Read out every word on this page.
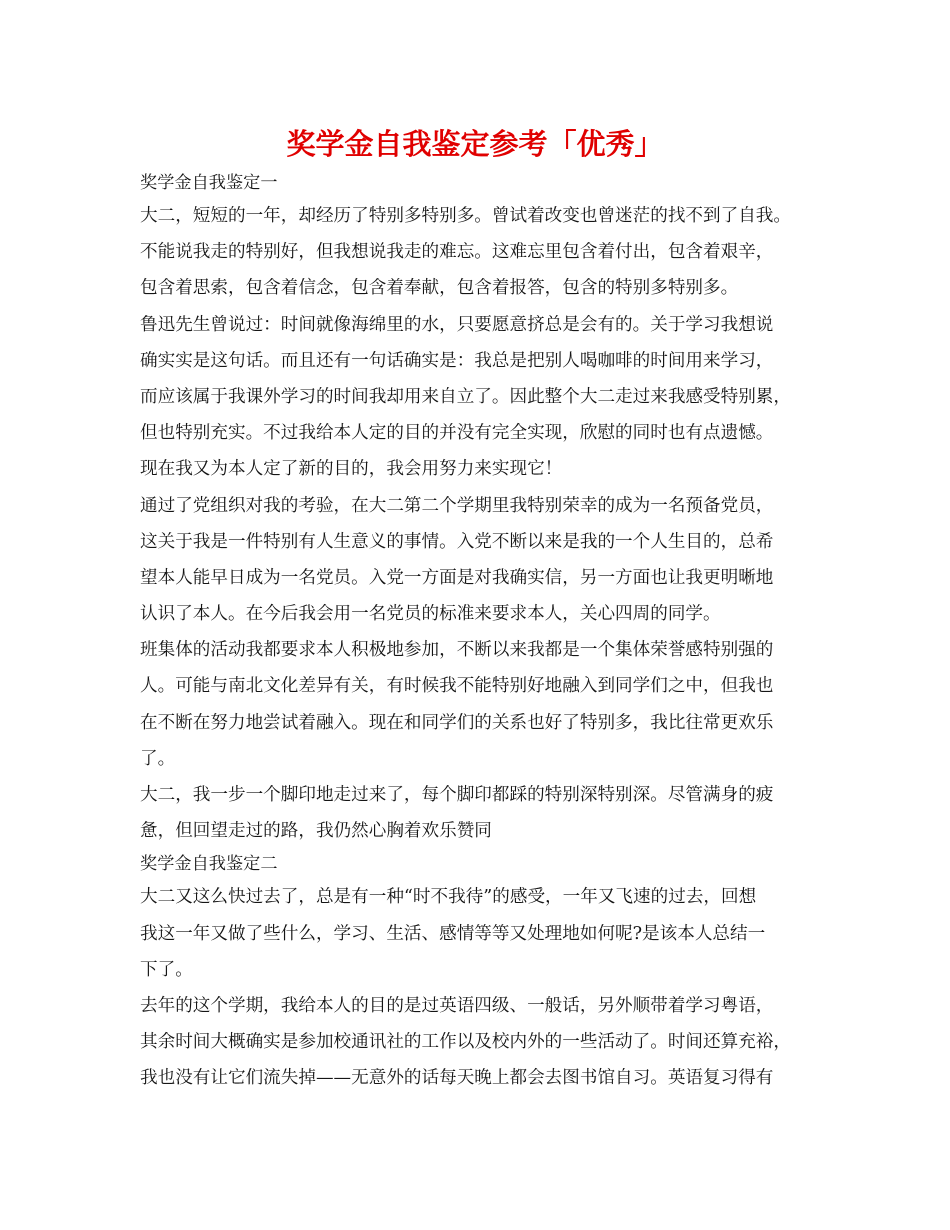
奖学金自我鉴定参考「优秀」
奖学金自我鉴定一
大二，短短的一年，却经历了特别多特别多。曾试着改变也曾迷茫的找不到了自我。
不能说我走的特别好，但我想说我走的难忘。这难忘里包含着付出，包含着艰辛，
包含着思索，包含着信念，包含着奉献，包含着报答，包含的特别多特别多。
鲁迅先生曾说过：时间就像海绵里的水，只要愿意挤总是会有的。关于学习我想说
确实实是这句话。而且还有一句话确实是：我总是把别人喝咖啡的时间用来学习，
而应该属于我课外学习的时间我却用来自立了。因此整个大二走过来我感受特别累，
但也特别充实。不过我给本人定的目的并没有完全实现，欣慰的同时也有点遗憾。
现在我又为本人定了新的目的，我会用努力来实现它！
通过了党组织对我的考验，在大二第二个学期里我特别荣幸的成为一名预备党员，
这关于我是一件特别有人生意义的事情。入党不断以来是我的一个人生目的，总希
望本人能早日成为一名党员。入党一方面是对我确实信，另一方面也让我更明晰地
认识了本人。在今后我会用一名党员的标准来要求本人，关心四周的同学。
班集体的活动我都要求本人积极地参加，不断以来我都是一个集体荣誉感特别强的
人。可能与南北文化差异有关，有时候我不能特别好地融入到同学们之中，但我也
在不断在努力地尝试着融入。现在和同学们的关系也好了特别多，我比往常更欢乐
了。
大二，我一步一个脚印地走过来了，每个脚印都踩的特别深特别深。尽管满身的疲
惫，但回望走过的路，我仍然心胸着欢乐赞同
奖学金自我鉴定二
大二又这么快过去了，总是有一种“时不我待”的感受，一年又飞速的过去，回想
我这一年又做了些什么，学习、生活、感情等等又处理地如何呢?是该本人总结一
下了。
去年的这个学期，我给本人的目的是过英语四级、一般话，另外顺带着学习粤语，
其余时间大概确实是参加校通讯社的工作以及校内外的一些活动了。时间还算充裕，
我也没有让它们流失掉——无意外的话每天晚上都会去图书馆自习。英语复习得有
